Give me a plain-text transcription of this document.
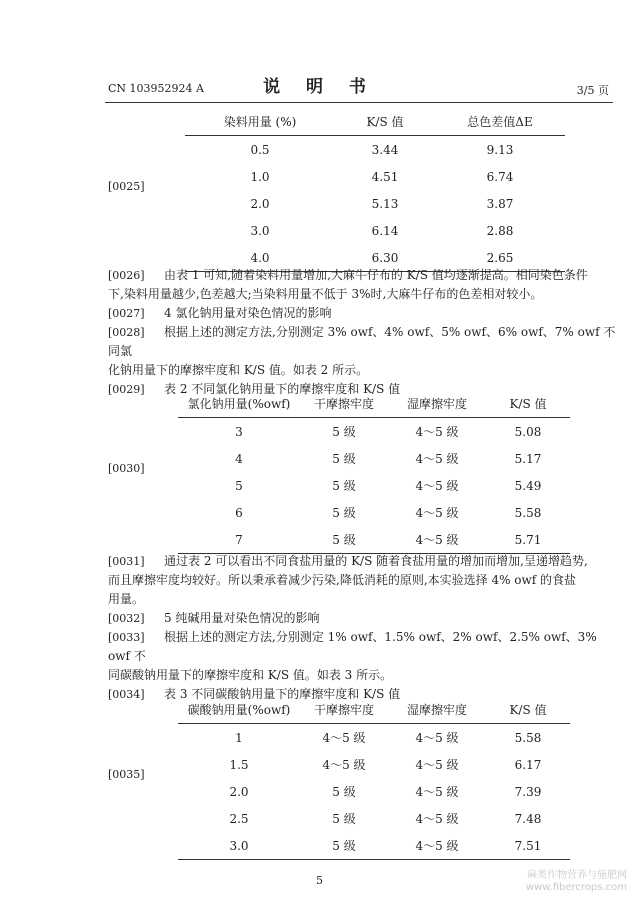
CN 103952924 A	说 明 书	3/5 页
[0025]
染料用量 (%)	K/S 值	总色差值ΔE
0.5	3.44	9.13
1.0	4.51	6.74
2.0	5.13	3.87
3.0	6.14	2.88
4.0	6.30	2.65
[0026] 由表 1 可知,随着染料用量增加,大麻牛仔布的 K/S 值均逐渐提高。相同染色条件
下,染料用量越少,色差越大;当染料用量不低于 3%时,大麻牛仔布的色差相对较小。
[0027] 4 氯化钠用量对染色情况的影响
[0028] 根据上述的测定方法,分别测定 3% owf、4% owf、5% owf、6% owf、7% owf 不同氯
化钠用量下的摩擦牢度和 K/S 值。如表 2 所示。
[0029] 表 2 不同氯化钠用量下的摩擦牢度和 K/S 值
[0030]
氯化钠用量(%owf)	干摩擦牢度	湿摩擦牢度	K/S 值
3	5 级	4～5 级	5.08
4	5 级	4～5 级	5.17
5	5 级	4～5 级	5.49
6	5 级	4～5 级	5.58
7	5 级	4～5 级	5.71
[0031] 通过表 2 可以看出不同食盐用量的 K/S 随着食盐用量的增加而增加,呈递增趋势,
而且摩擦牢度均较好。所以秉承着减少污染,降低消耗的原则,本实验选择 4% owf 的食盐
用量。
[0032] 5 纯碱用量对染色情况的影响
[0033] 根据上述的测定方法,分别测定 1% owf、1.5% owf、2% owf、2.5% owf、3% owf 不
同碳酸钠用量下的摩擦牢度和 K/S 值。如表 3 所示。
[0034] 表 3 不同碳酸钠用量下的摩擦牢度和 K/S 值
[0035]
碳酸钠用量(%owf)	干摩擦牢度	湿摩擦牢度	K/S 值
1	4～5 级	4～5 级	5.58
1.5	4～5 级	4～5 级	6.17
2.0	5 级	4～5 级	7.39
2.5	5 级	4～5 级	7.48
3.0	5 级	4～5 级	7.51
5	麻类作物营养与施肥网
www.fibercrops.com
